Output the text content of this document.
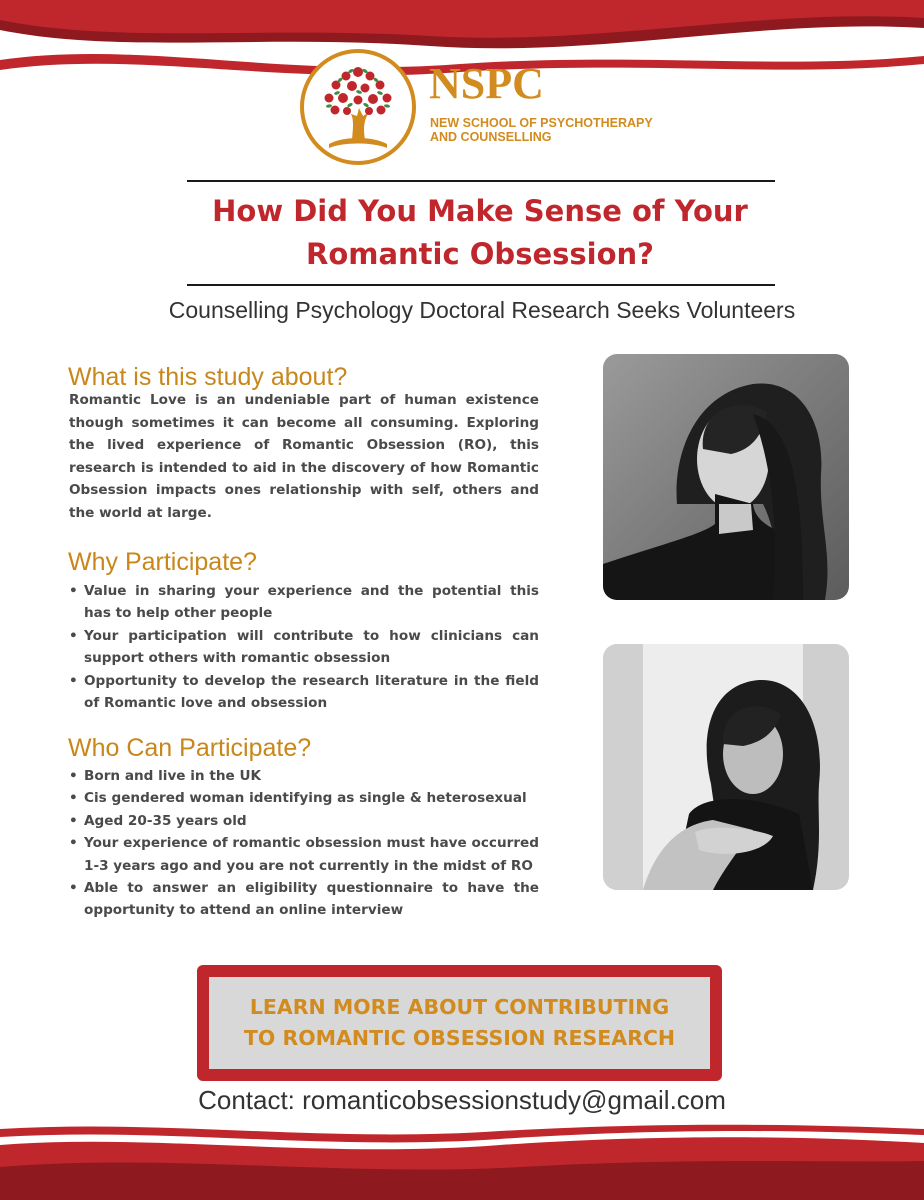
NSPC
NEW SCHOOL OF PSYCHOTHERAPY
AND COUNSELLING
How Did You Make Sense of Your
Romantic Obsession?
Counselling Psychology Doctoral Research Seeks Volunteers
What is this study about?
Romantic Love is an undeniable part of human existence though sometimes it can become all consuming. Exploring the lived experience of Romantic Obsession (RO), this research is intended to aid in the discovery of how Romantic Obsession impacts ones relationship with self, others and the world at large.
Why Participate?
• Value in sharing your experience and the potential this has to help other people
• Your participation will contribute to how clinicians can support others with romantic obsession
• Opportunity to develop the research literature in the field of Romantic love and obsession
Who Can Participate?
• Born and live in the UK
• Cis gendered woman identifying as single & heterosexual
• Aged 20-35 years old
• Your experience of romantic obsession must have occurred 1-3 years ago and you are not currently in the midst of RO
• Able to answer an eligibility questionnaire to have the opportunity to attend an online interview
LEARN MORE ABOUT CONTRIBUTING
TO ROMANTIC OBSESSION RESEARCH
Contact: romanticobsessionstudy@gmail.com
